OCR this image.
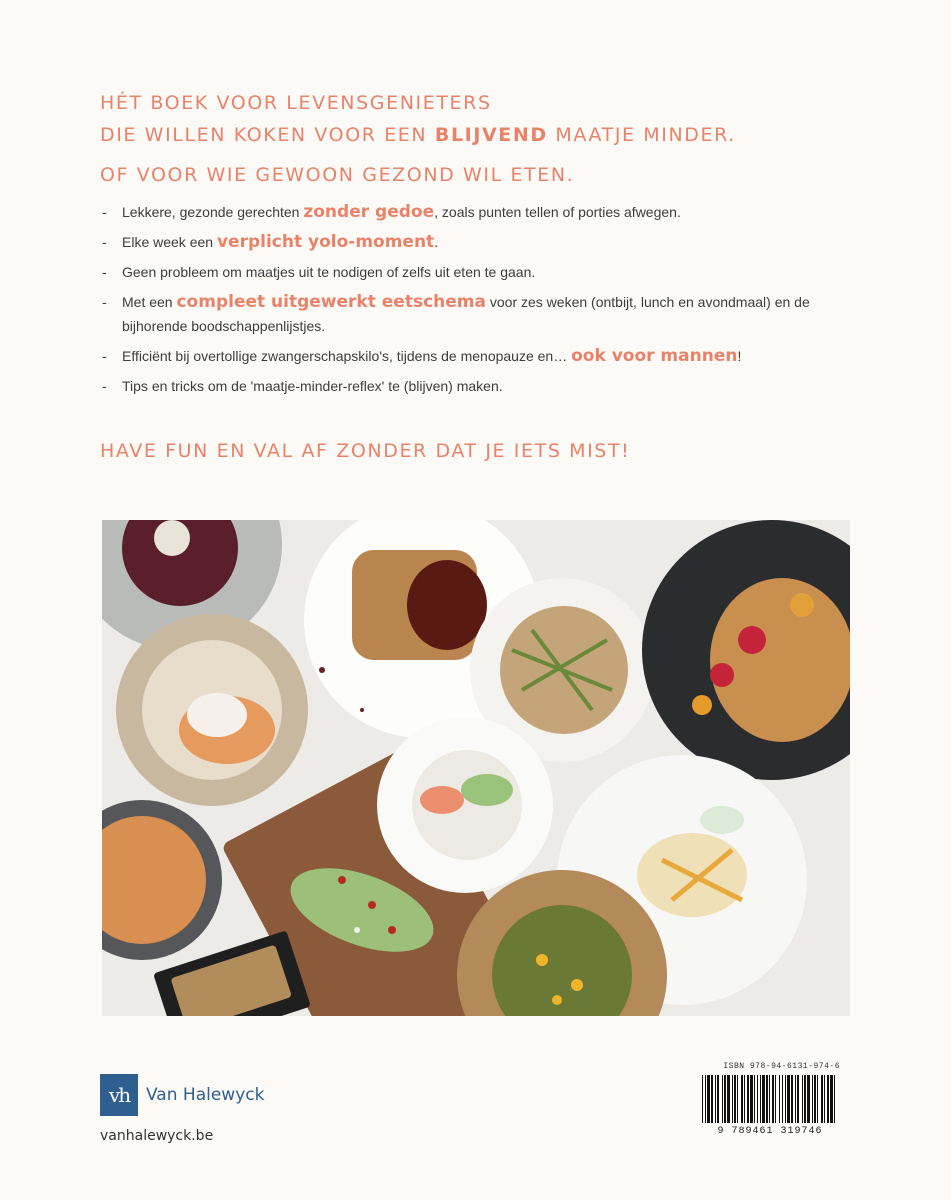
HÉT BOEK VOOR LEVENSGENIETERS
DIE WILLEN KOKEN VOOR EEN BLIJVEND MAATJE MINDER.
OF VOOR WIE GEWOON GEZOND WIL ETEN.
- Lekkere, gezonde gerechten zonder gedoe, zoals punten tellen of porties afwegen.
- Elke week een verplicht yolo-moment.
- Geen probleem om maatjes uit te nodigen of zelfs uit eten te gaan.
- Met een compleet uitgewerkt eetschema voor zes weken (ontbijt, lunch en avondmaal) en de bijhorende boodschappenlijstjes.
- Efficiënt bij overtollige zwangerschapskilo's, tijdens de menopauze en… ook voor mannen!
- Tips en tricks om de 'maatje-minder-reflex' te (blijven) maken.
HAVE FUN EN VAL AF ZONDER DAT JE IETS MIST!
vh Van Halewyck
vanhalewyck.be
ISBN 978-94-6131-974-6
9 789461 319746
